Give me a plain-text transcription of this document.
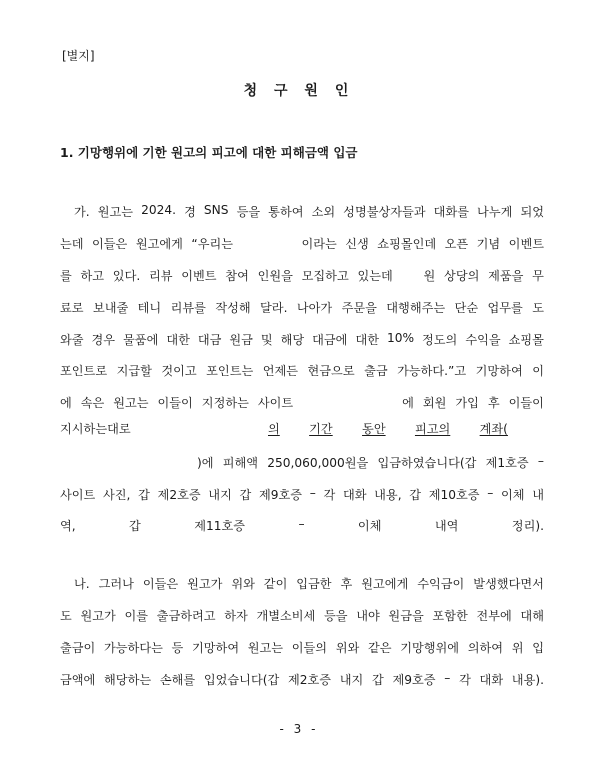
[별지]
청 구 원 인
1. 기망행위에 기한 원고의 피고에 대한 피해금액 입금
가. 원고는 2024. 경 SNS 등을 통하여 소외 성명불상자들과 대화를 나누게 되었
는데 이들은 원고에게 “우리는	이라는 신생 쇼핑몰인데 오픈 기념 이벤트
를 하고 있다. 리뷰 이벤트 참여 인원을 모집하고 있는데	원 상당의 제품을 무
료로 보내줄 테니 리뷰를 작성해 달라. 나아가 주문을 대행해주는 단순 업무를 도
와줄 경우 물품에 대한 대금 원금 및 해당 대금에 대한 10% 정도의 수익을 쇼핑몰
포인트로 지급할 것이고 포인트는 언제든 현금으로 출금 가능하다.”고 기망하여 이
에 속은 원고는 이들이 지정하는 사이트	에 회원 가입 후 이들이
지시하는대로	의 기간 동안 피고의 계좌(
)에 피해액 250,060,000원을 입금하였습니다(갑 제1호증 –
사이트 사진, 갑 제2호증 내지 갑 제9호증 – 각 대화 내용, 갑 제10호증 – 이체 내
역,	갑	제11호증	–	이체	내역	정리).
나. 그러나 이들은 원고가 위와 같이 입금한 후 원고에게 수익금이 발생했다면서
도 원고가 이를 출금하려고 하자 개별소비세 등을 내야 원금을 포함한 전부에 대해
출금이 가능하다는 등 기망하여 원고는 이들의 위와 같은 기망행위에 의하여 위 입
금액에 해당하는 손해를 입었습니다(갑 제2호증 내지 갑 제9호증 – 각 대화 내용).
- 3 -
